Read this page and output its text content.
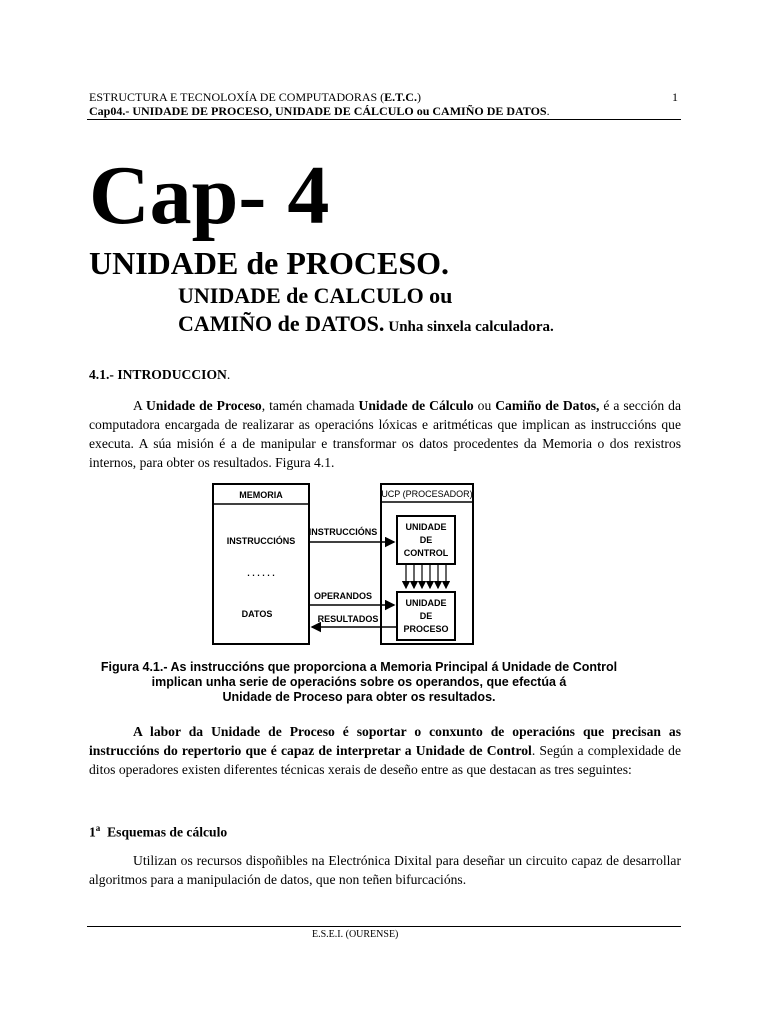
ESTRUCTURA E TECNOLOXÍA DE COMPUTADORAS (E.T.C.)	1
Cap04.- UNIDADE DE PROCESO, UNIDADE DE CÁLCULO ou CAMIÑO DE DATOS.
Cap- 4
UNIDADE de PROCESO.
UNIDADE de CALCULO ou
CAMIÑO de DATOS. Unha sinxela calculadora.
4.1.- INTRODUCCION.
A Unidade de Proceso, tamén chamada Unidade de Cálculo ou Camiño de Datos, é a sección da computadora encargada de realizarar as operacións lóxicas e aritméticas que implican as instruccións que executa. A súa misión é a de manipular e transformar os datos procedentes da Memoria o dos rexistros internos, para obter os resultados. Figura 4.1.
MEMORIA
INSTRUCCIÓNS
. . . . . .
DATOS
UCP (PROCESADOR)
UNIDADE
DE
CONTROL
UNIDADE
DE
PROCESO
INSTRUCCIÓNS
OPERANDOS
RESULTADOS
Figura 4.1.- As instruccións que proporciona a Memoria Principal á Unidade de Control
implican unha serie de operacións sobre os operandos, que efectúa á
Unidade de Proceso para obter os resultados.
A labor da Unidade de Proceso é soportar o conxunto de operacións que precisan as instruccións do repertorio que é capaz de interpretar a Unidade de Control. Según a complexidade de ditos operadores existen diferentes técnicas xerais de deseño entre as que destacan as tres seguintes:
1$^a$ Esquemas de cálculo
Utilizan os recursos dispoñibles na Electrónica Dixital para deseñar un circuito capaz de desarrollar algoritmos para a manipulación de datos, que non teñen bifurcacións.
E.S.E.I. (OURENSE)
